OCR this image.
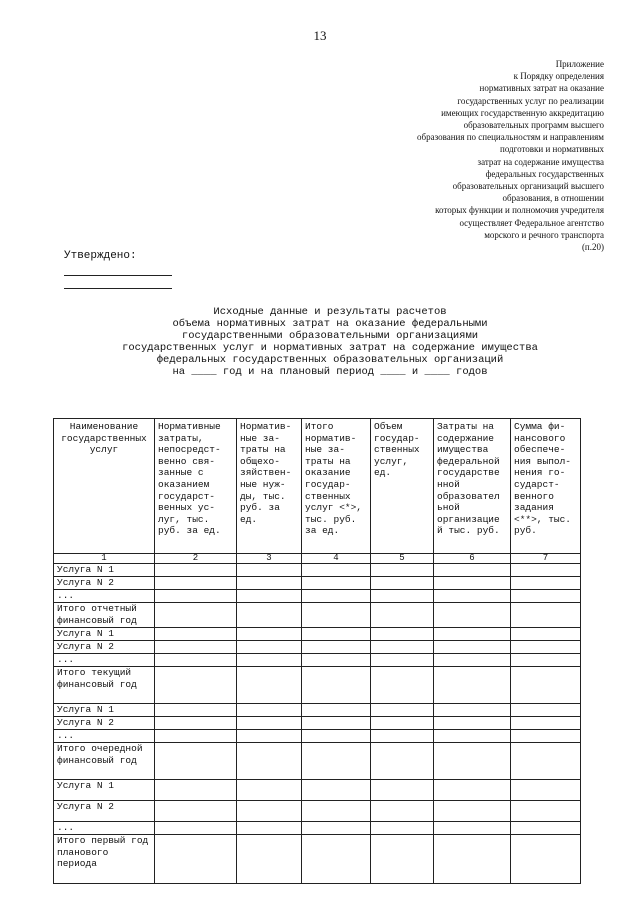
13
Приложение
к Порядку определения
нормативных затрат на оказание
государственных услуг по реализации
имеющих государственную аккредитацию
образовательных программ высшего
образования по специальностям и направлениям
подготовки и нормативных
затрат на содержание имущества
федеральных государственных
образовательных организаций высшего
образования, в отношении
которых функции и полномочия учредителя
осуществляет Федеральное агентство
морского и речного транспорта
(п.20)
Утверждено:
Исходные данные и результаты расчетов
объема нормативных затрат на оказание федеральными
государственными образовательными организациями
государственных услуг и нормативных затрат на содержание имущества
федеральных государственных образовательных организаций
на ____ год и на плановый период ____ и ____ годов
Наименование государственных услуг	Нормативные затраты, непосредст-венно свя-занные с оказанием государст-венных ус-луг, тыс. руб. за ед.	Норматив-ные за-траты на общехо-зяйствен-ные нуж-ды, тыс. руб. за ед.	Итого норматив-ные за-траты на оказание государ-ственных услуг <*>, тыс. руб. за ед.	Объем государ-ственных услуг, ед.	Затраты на содержание имущества федеральной государстве нной образовател ьной организацие й тыс. руб.	Сумма фи-нансового обеспече-ния выпол-нения го-сударст-венного задания <**>, тыс. руб.
1	2	3	4	5	6	7
Услуга N 1						
Услуга N 2						
...						
Итого отчетный финансовый год						
Услуга N 1						
Услуга N 2						
...						
Итого текущий финансовый год						
Услуга N 1						
Услуга N 2						
...						
Итого очередной финансовый год						
Услуга N 1						
Услуга N 2						
...						
Итого первый год планового периода						
